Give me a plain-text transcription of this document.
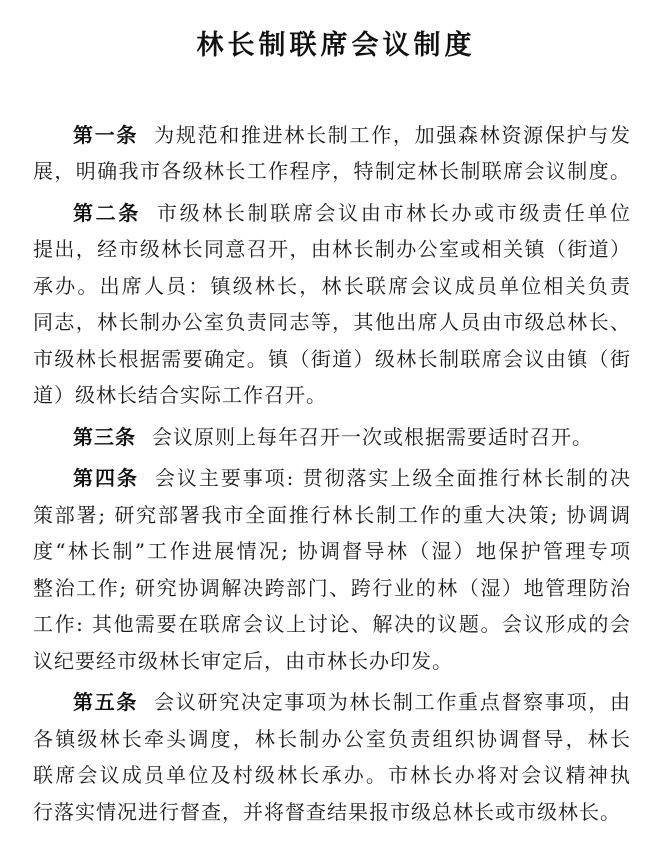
林长制联席会议制度
第一条 为规范和推进林长制工作，加强森林资源保护与发
展，明确我市各级林长工作程序，特制定林长制联席会议制度。
第二条 市级林长制联席会议由市林长办或市级责任单位
提出，经市级林长同意召开，由林长制办公室或相关镇（街道）
承办。出席人员：镇级林长，林长联席会议成员单位相关负责
同志，林长制办公室负责同志等，其他出席人员由市级总林长、
市级林长根据需要确定。镇（街道）级林长制联席会议由镇（街
道）级林长结合实际工作召开。
第三条 会议原则上每年召开一次或根据需要适时召开。
第四条 会议主要事项: 贯彻落实上级全面推行林长制的决
策部署; 研究部署我市全面推行林长制工作的重大决策; 协调调
度“林长制”工作进展情况; 协调督导林（湿）地保护管理专项
整治工作; 研究协调解决跨部门、跨行业的林（湿）地管理防治
工作: 其他需要在联席会议上讨论、解决的议题。会议形成的会
议纪要经市级林长审定后，由市林长办印发。
第五条 会议研究决定事项为林长制工作重点督察事项，由
各镇级林长牵头调度，林长制办公室负责组织协调督导，林长
联席会议成员单位及村级林长承办。市林长办将对会议精神执
行落实情况进行督查，并将督查结果报市级总林长或市级林长。
